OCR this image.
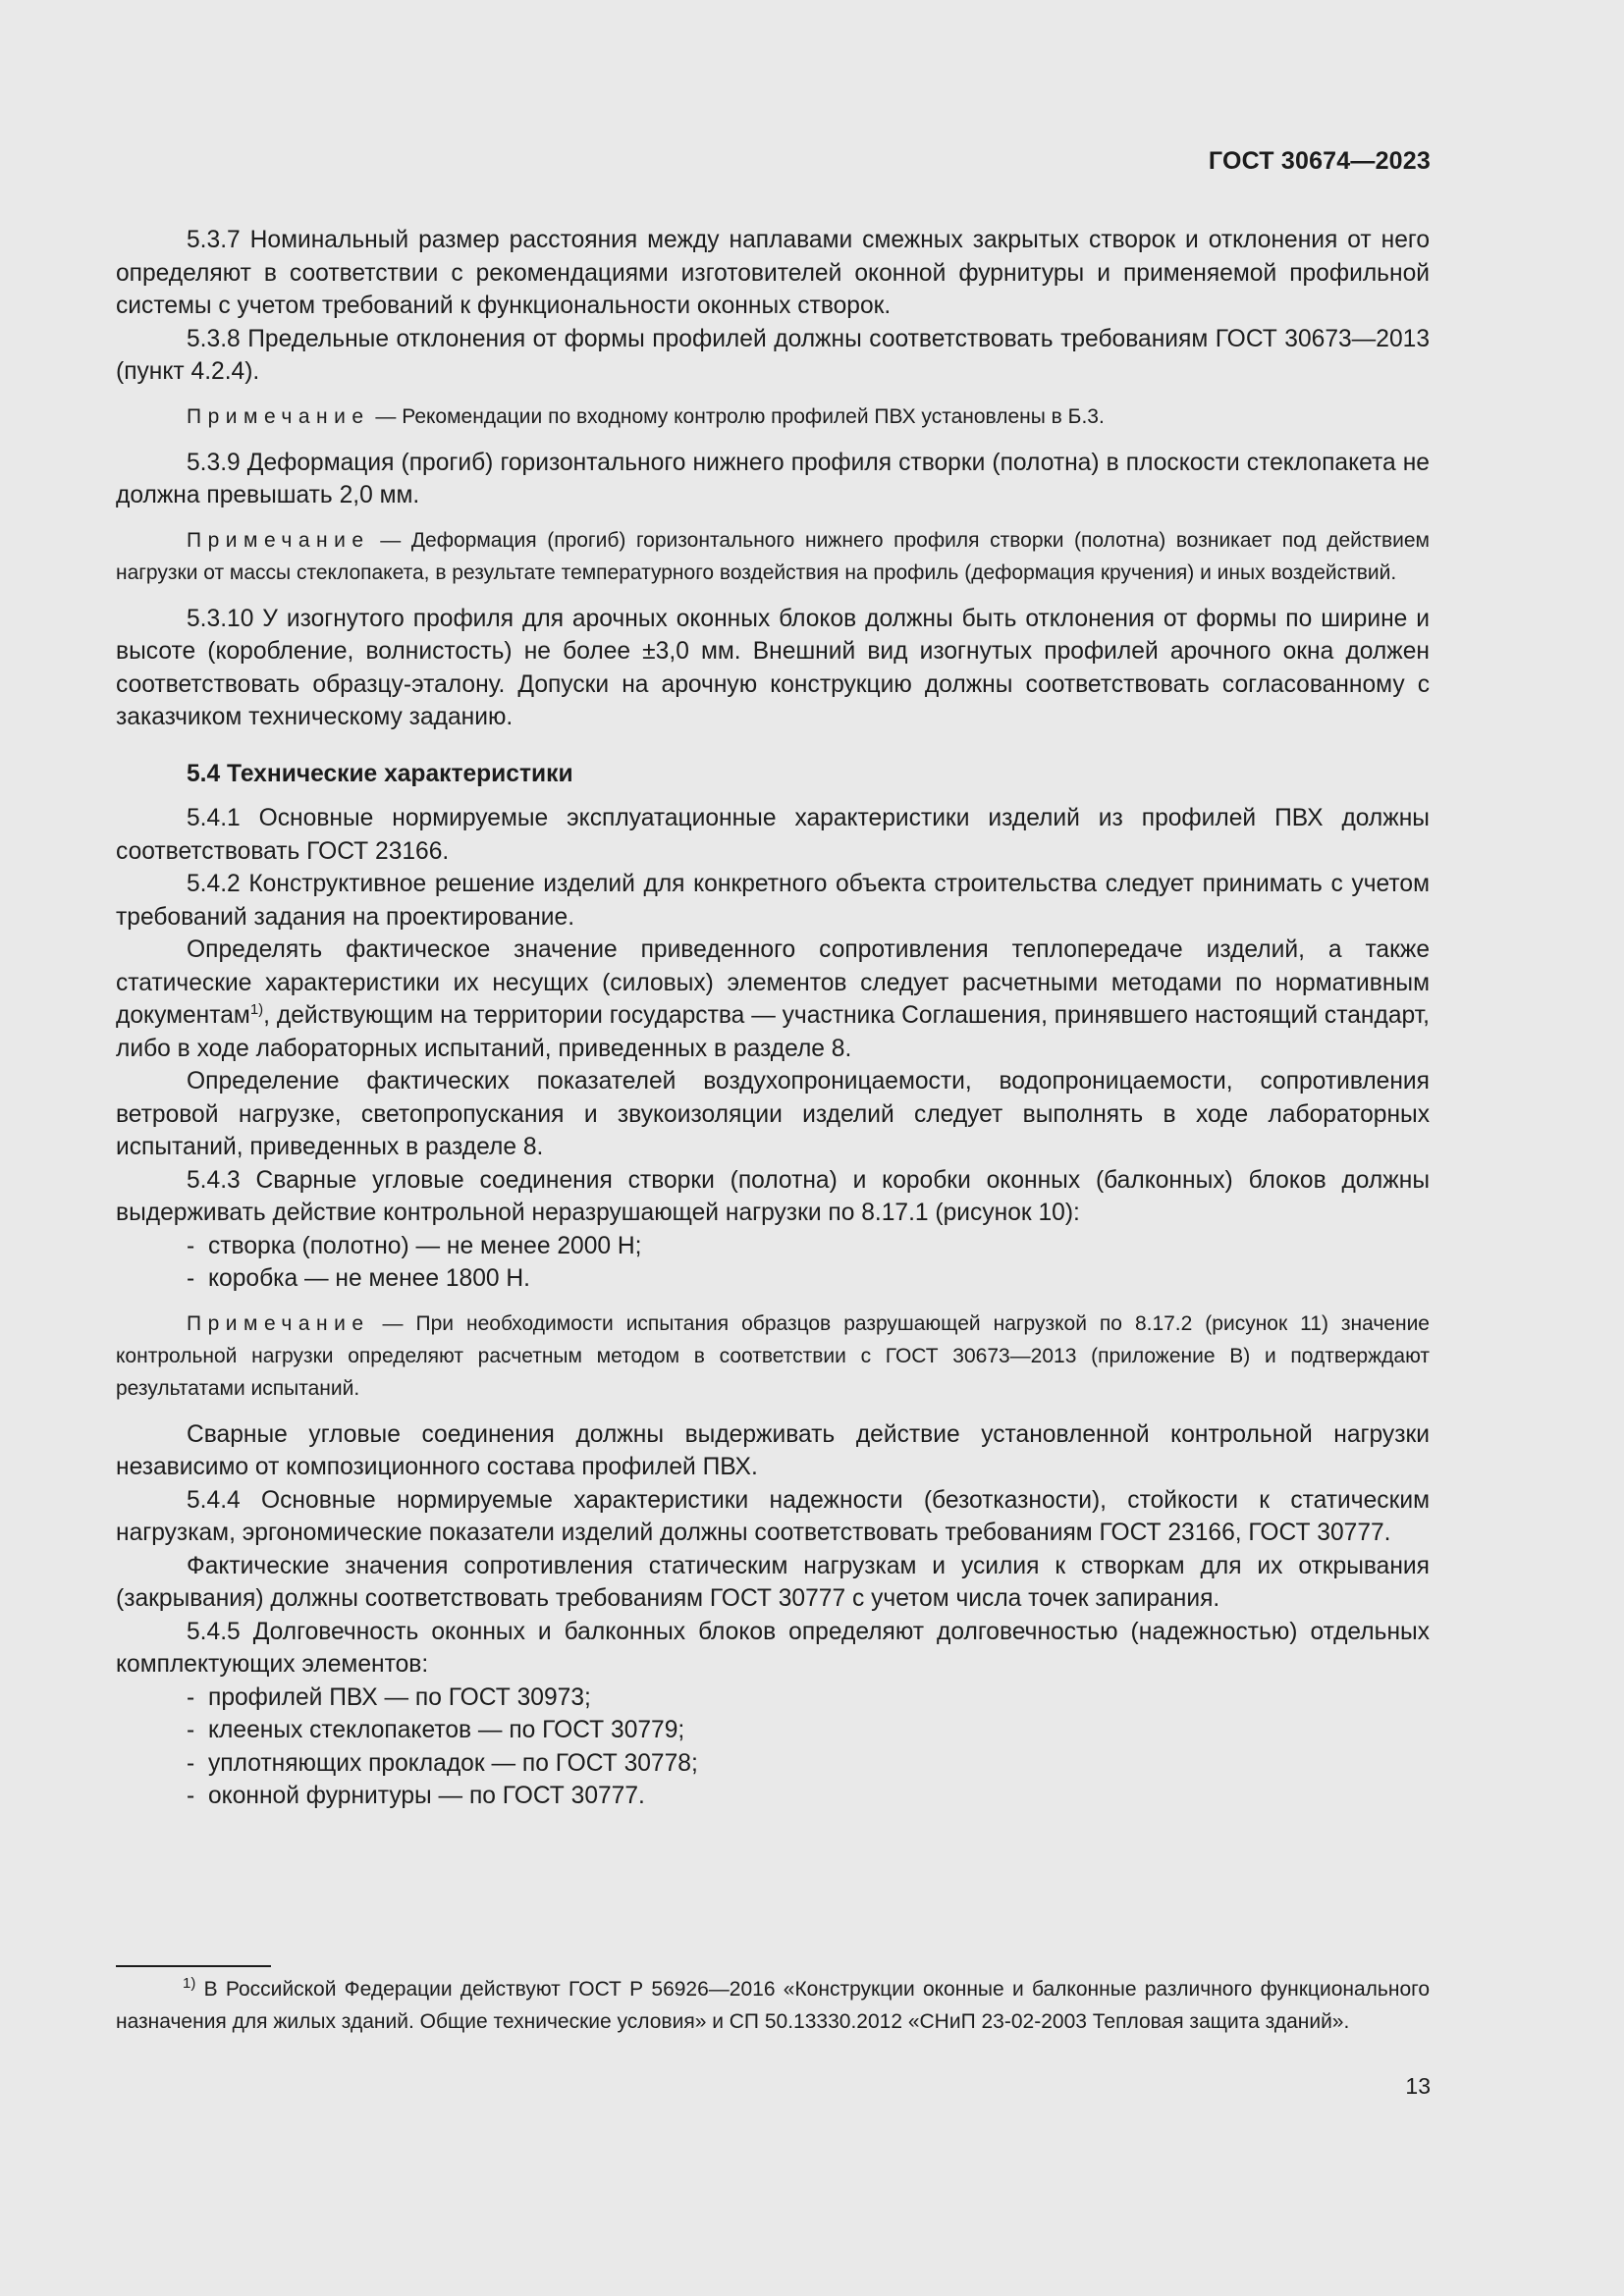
ГОСТ 30674—2023

5.3.7 Номинальный размер расстояния между наплавами смежных закрытых створок и отклонения от него определяют в соответствии с рекомендациями изготовителей оконной фурнитуры и применяемой профильной системы с учетом требований к функциональности оконных створок.

5.3.8 Предельные отклонения от формы профилей должны соответствовать требованиям ГОСТ 30673—2013 (пункт 4.2.4).

Примечание — Рекомендации по входному контролю профилей ПВХ установлены в Б.3.

5.3.9 Деформация (прогиб) горизонтального нижнего профиля створки (полотна) в плоскости стеклопакета не должна превышать 2,0 мм.

Примечание — Деформация (прогиб) горизонтального нижнего профиля створки (полотна) возникает под действием нагрузки от массы стеклопакета, в результате температурного воздействия на профиль (деформация кручения) и иных воздействий.

5.3.10 У изогнутого профиля для арочных оконных блоков должны быть отклонения от формы по ширине и высоте (коробление, волнистость) не более ±3,0 мм. Внешний вид изогнутых профилей арочного окна должен соответствовать образцу-эталону. Допуски на арочную конструкцию должны соответствовать согласованному с заказчиком техническому заданию.

5.4 Технические характеристики

5.4.1 Основные нормируемые эксплуатационные характеристики изделий из профилей ПВХ должны соответствовать ГОСТ 23166.

5.4.2 Конструктивное решение изделий для конкретного объекта строительства следует принимать с учетом требований задания на проектирование.

Определять фактическое значение приведенного сопротивления теплопередаче изделий, а также статические характеристики их несущих (силовых) элементов следует расчетными методами по нормативным документам$^{1)}$, действующим на территории государства — участника Соглашения, принявшего настоящий стандарт, либо в ходе лабораторных испытаний, приведенных в разделе 8.

Определение фактических показателей воздухопроницаемости, водопроницаемости, сопротивления ветровой нагрузке, светопропускания и звукоизоляции изделий следует выполнять в ходе лабораторных испытаний, приведенных в разделе 8.

5.4.3 Сварные угловые соединения створки (полотна) и коробки оконных (балконных) блоков должны выдерживать действие контрольной неразрушающей нагрузки по 8.17.1 (рисунок 10):

- створка (полотно) — не менее 2000 Н;
- коробка — не менее 1800 Н.

Примечание — При необходимости испытания образцов разрушающей нагрузкой по 8.17.2 (рисунок 11) значение контрольной нагрузки определяют расчетным методом в соответствии с ГОСТ 30673—2013 (приложение В) и подтверждают результатами испытаний.

Сварные угловые соединения должны выдерживать действие установленной контрольной нагрузки независимо от композиционного состава профилей ПВХ.

5.4.4 Основные нормируемые характеристики надежности (безотказности), стойкости к статическим нагрузкам, эргономические показатели изделий должны соответствовать требованиям ГОСТ 23166, ГОСТ 30777.

Фактические значения сопротивления статическим нагрузкам и усилия к створкам для их открывания (закрывания) должны соответствовать требованиям ГОСТ 30777 с учетом числа точек запирания.

5.4.5 Долговечность оконных и балконных блоков определяют долговечностью (надежностью) отдельных комплектующих элементов:

- профилей ПВХ — по ГОСТ 30973;
- клееных стеклопакетов — по ГОСТ 30779;
- уплотняющих прокладок — по ГОСТ 30778;
- оконной фурнитуры — по ГОСТ 30777.

$^{1)}$ В Российской Федерации действуют ГОСТ Р 56926—2016 «Конструкции оконные и балконные различного функционального назначения для жилых зданий. Общие технические условия» и СП 50.13330.2012 «СНиП 23-02-2003 Тепловая защита зданий».

13
